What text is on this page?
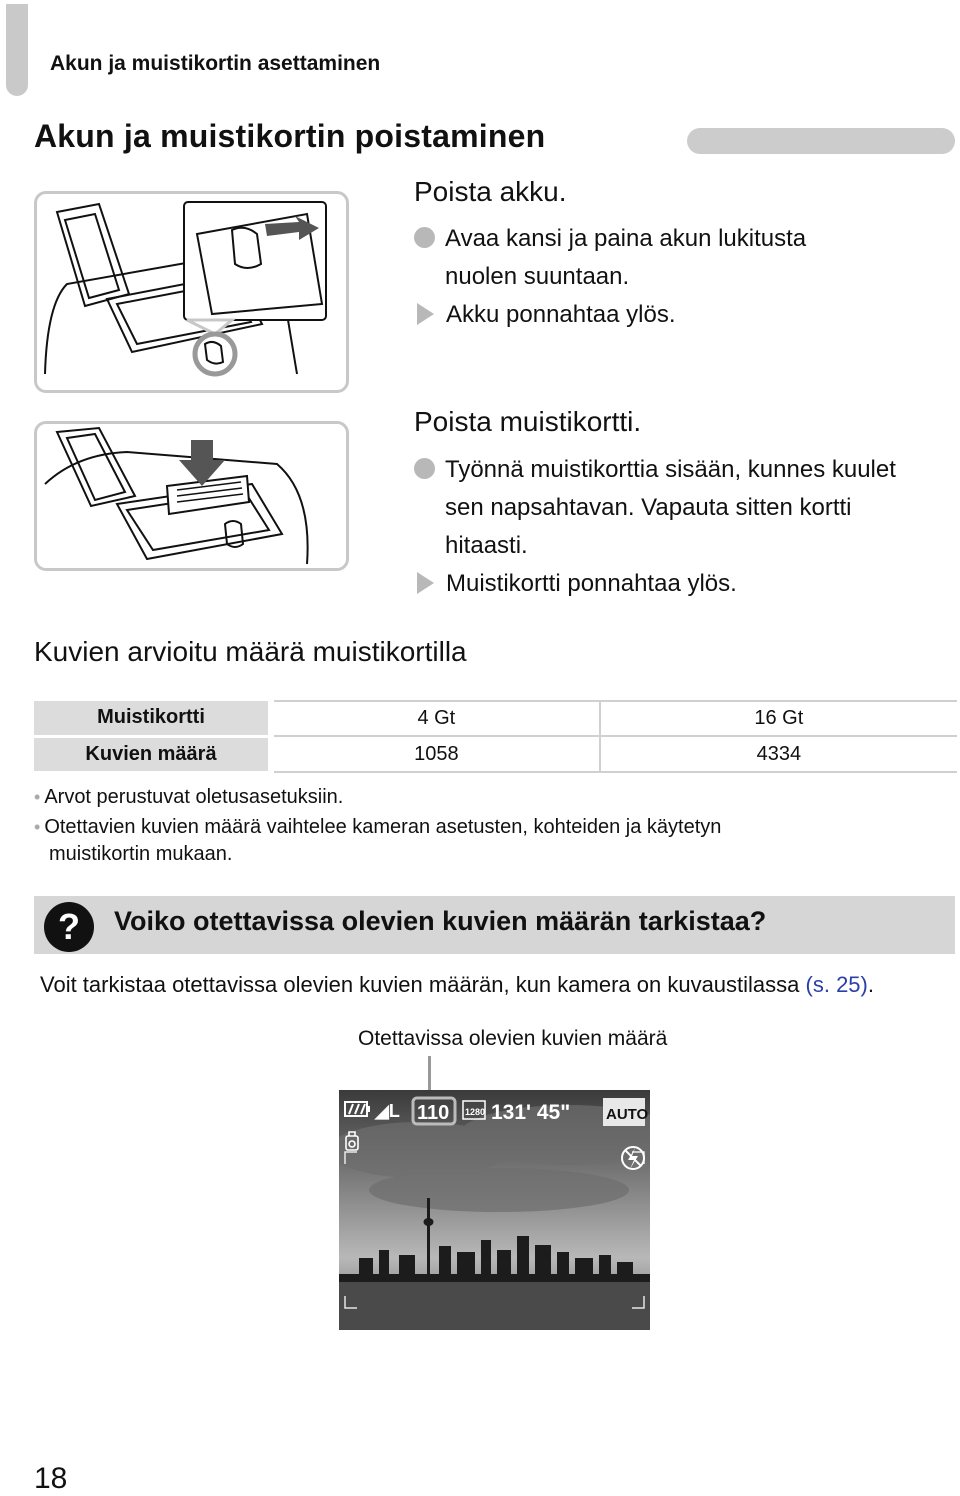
Akun ja muistikortin asettaminen
Akun ja muistikortin poistaminen
Poista akku.
Avaa kansi ja paina akun lukitusta
nuolen suuntaan.
Akku ponnahtaa ylös.
Poista muistikortti.
Työnnä muistikorttia sisään, kunnes kuulet
sen napsahtavan. Vapauta sitten kortti
hitaasti.
Muistikortti ponnahtaa ylös.
Kuvien arvioitu määrä muistikortilla
Muistikortti		4 Gt	16 Gt
Kuvien määrä		1058	4334
• Arvot perustuvat oletusasetuksiin.
• Otettavien kuvien määrä vaihtelee kameran asetusten, kohteiden ja käytetyn
muistikortin mukaan.
?	Voiko otettavissa olevien kuvien määrän tarkistaa?
Voit tarkistaa otettavissa olevien kuvien määrän, kun kamera on kuvaustilassa (s. 25).
Otettavissa olevien kuvien määrä
◢L 110 1280 131' 45" AUTO
18
